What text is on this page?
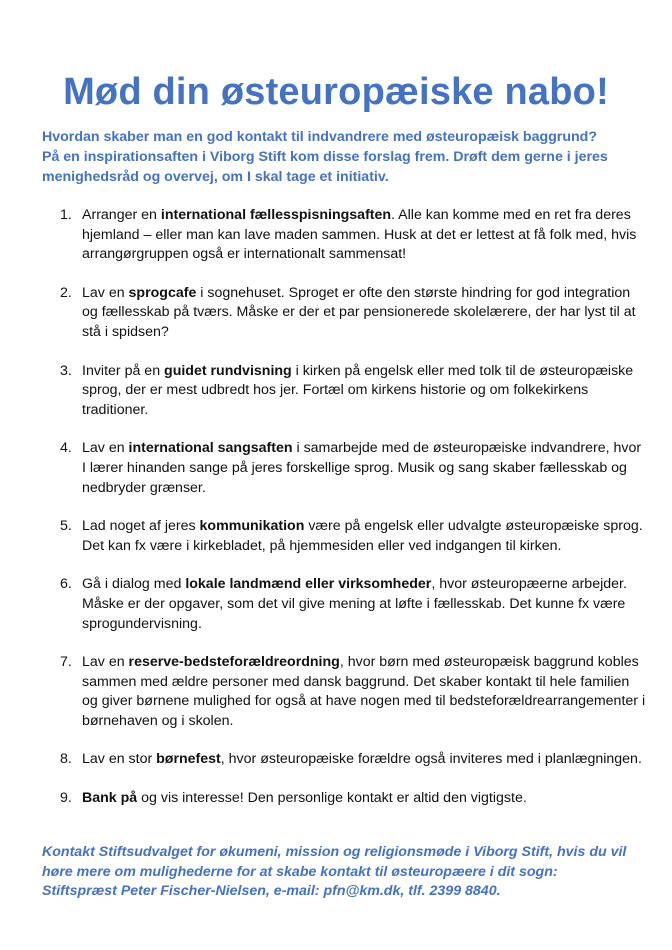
Mød din østeuropæiske nabo!

Hvordan skaber man en god kontakt til indvandrere med østeuropæisk baggrund?

På en inspirationsaften i Viborg Stift kom disse forslag frem. Drøft dem gerne i jeres

menighedsråd og overvej, om I skal tage et initiativ.

1. Arranger en international fællesspisningsaften. Alle kan komme med en ret fra deres hjemland – eller man kan lave maden sammen. Husk at det er lettest at få folk med, hvis arrangørgruppen også er internationalt sammensat!
2. Lav en sprogcafe i sognehuset. Sproget er ofte den største hindring for god integration og fællesskab på tværs. Måske er der et par pensionerede skolelærere, der har lyst til at stå i spidsen?
3. Inviter på en guidet rundvisning i kirken på engelsk eller med tolk til de østeuropæiske sprog, der er mest udbredt hos jer. Fortæl om kirkens historie og om folkekirkens traditioner.
4. Lav en international sangsaften i samarbejde med de østeuropæiske indvandrere, hvor I lærer hinanden sange på jeres forskellige sprog. Musik og sang skaber fællesskab og nedbryder grænser.
5. Lad noget af jeres kommunikation være på engelsk eller udvalgte østeuropæiske sprog. Det kan fx være i kirkebladet, på hjemmesiden eller ved indgangen til kirken.
6. Gå i dialog med lokale landmænd eller virksomheder, hvor østeuropæerne arbejder. Måske er der opgaver, som det vil give mening at løfte i fællesskab. Det kunne fx være sprogundervisning.
7. Lav en reserve-bedsteforældreordning, hvor børn med østeuropæisk baggrund kobles sammen med ældre personer med dansk baggrund. Det skaber kontakt til hele familien og giver børnene mulighed for også at have nogen med til bedsteforældrearrangementer i børnehaven og i skolen.
8. Lav en stor børnefest, hvor østeuropæiske forældre også inviteres med i planlægningen.
9. Bank på og vis interesse! Den personlige kontakt er altid den vigtigste.

Kontakt Stiftsudvalget for økumeni, mission og religionsmøde i Viborg Stift, hvis du vil

høre mere om mulighederne for at skabe kontakt til østeuropæere i dit sogn:

Stiftspræst Peter Fischer-Nielsen, e-mail: pfn@km.dk, tlf. 2399 8840.
